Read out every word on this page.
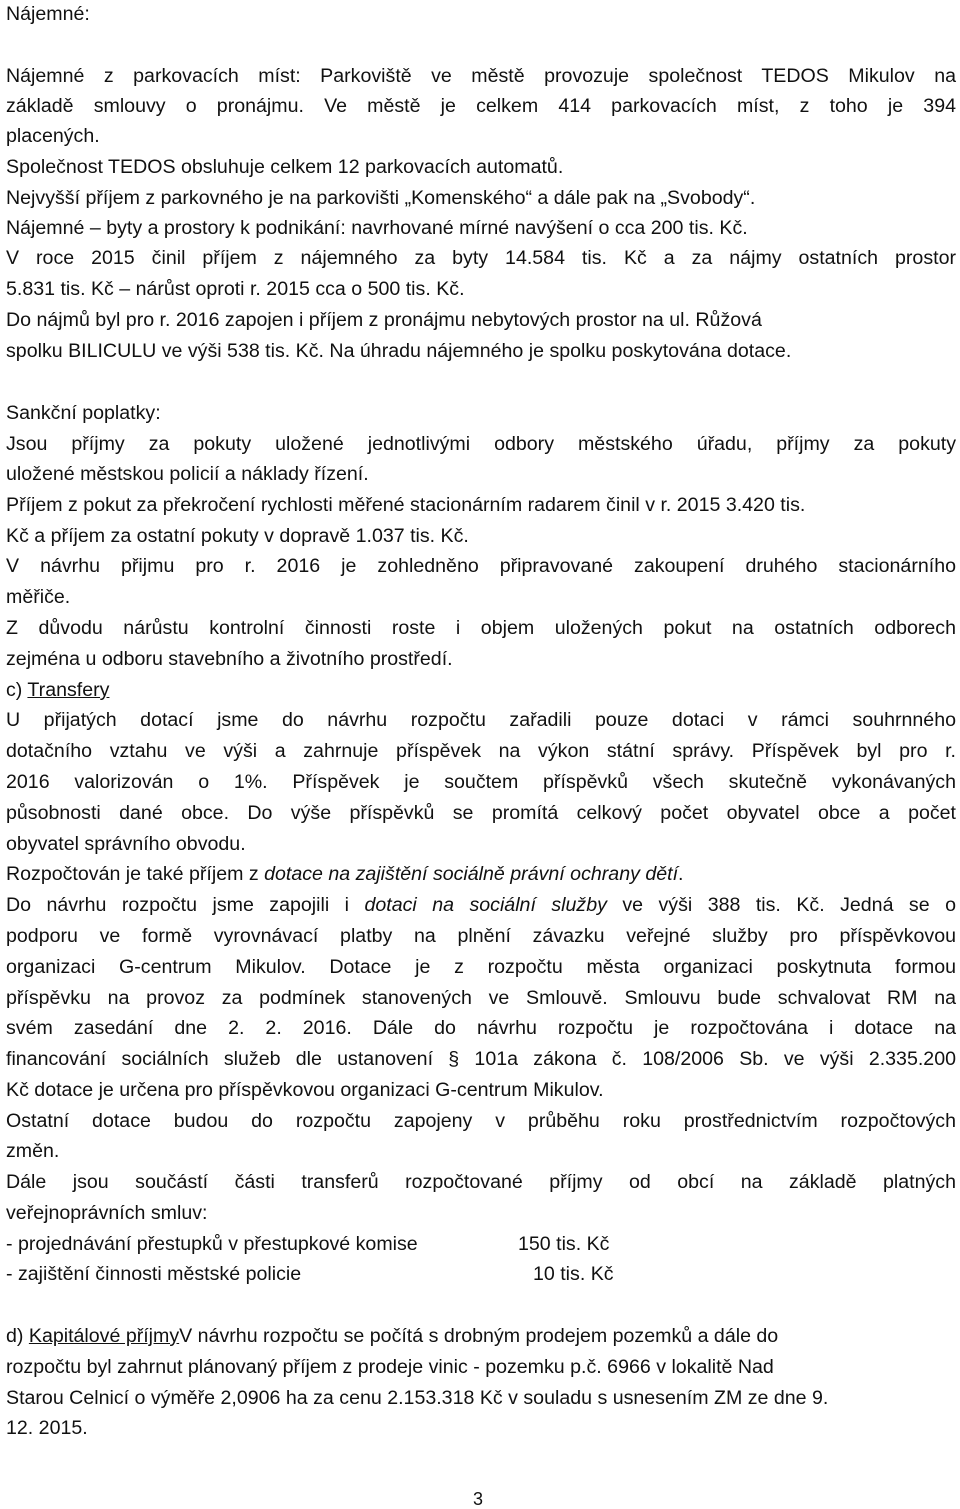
Nájemné:
Nájemné z parkovacích míst: Parkoviště ve městě provozuje společnost TEDOS Mikulov na
základě smlouvy o pronájmu. Ve městě je celkem 414 parkovacích míst, z toho je 394
placených.
Společnost TEDOS obsluhuje celkem 12 parkovacích automatů.
Nejvyšší příjem z parkovného je na parkovišti „Komenského“ a dále pak na „Svobody“.
Nájemné – byty a prostory k podnikání: navrhované mírné navýšení o cca 200 tis. Kč.
V roce 2015 činil příjem z nájemného za byty 14.584 tis. Kč a za nájmy ostatních prostor
5.831 tis. Kč – nárůst oproti r. 2015 cca o 500 tis. Kč.
Do nájmů byl pro r. 2016 zapojen i příjem z pronájmu nebytových prostor na ul. Růžová
spolku BILICULU ve výši 538 tis. Kč. Na úhradu nájemného je spolku poskytována dotace.
Sankční poplatky:
Jsou příjmy za pokuty uložené jednotlivými odbory městského úřadu, příjmy za pokuty
uložené městskou policií a náklady řízení.
Příjem z pokut za překročení rychlosti měřené stacionárním radarem činil v r. 2015 3.420 tis.
Kč a příjem za ostatní pokuty v dopravě 1.037 tis. Kč.
V návrhu přijmu pro r. 2016 je zohledněno připravované zakoupení druhého stacionárního
měřiče.
Z důvodu nárůstu kontrolní činnosti roste i objem uložených pokut na ostatních odborech
zejména u odboru stavebního a životního prostředí.
c) Transfery
U přijatých dotací jsme do návrhu rozpočtu zařadili pouze dotaci v rámci souhrnného
dotačního vztahu ve výši a zahrnuje příspěvek na výkon státní správy. Příspěvek byl pro r.
2016 valorizován o 1%. Příspěvek je součtem příspěvků všech skutečně vykonávaných
působnosti dané obce. Do výše příspěvků se promítá celkový počet obyvatel obce a počet
obyvatel správního obvodu.
Rozpočtován je také příjem z dotace na zajištění sociálně právní ochrany dětí.
Do návrhu rozpočtu jsme zapojili i dotaci na sociální služby ve výši 388 tis. Kč. Jedná se o
podporu ve formě vyrovnávací platby na plnění závazku veřejné služby pro příspěvkovou
organizaci G-centrum Mikulov. Dotace je z rozpočtu města organizaci poskytnuta formou
příspěvku na provoz za podmínek stanovených ve Smlouvě. Smlouvu bude schvalovat RM na
svém zasedání dne 2. 2. 2016. Dále do návrhu rozpočtu je rozpočtována i dotace na
financování sociálních služeb dle ustanovení § 101a zákona č. 108/2006 Sb. ve výši 2.335.200
Kč dotace je určena pro příspěvkovou organizaci G-centrum Mikulov.
Ostatní dotace budou do rozpočtu zapojeny v průběhu roku prostřednictvím rozpočtových
změn.
Dále jsou součástí části transferů rozpočtované příjmy od obcí na základě platných
veřejnoprávních smluv:
- projednávání přestupků v přestupkové komise	150 tis. Kč
- zajištění činnosti městské policie	10 tis. Kč
d) Kapitálové příjmyV návrhu rozpočtu se počítá s drobným prodejem pozemků a dále do
rozpočtu byl zahrnut plánovaný příjem z prodeje vinic - pozemku p.č. 6966 v lokalitě Nad
Starou Celnicí o výměře 2,0906 ha za cenu 2.153.318 Kč v souladu s usnesením ZM ze dne 9.
12. 2015.
3
